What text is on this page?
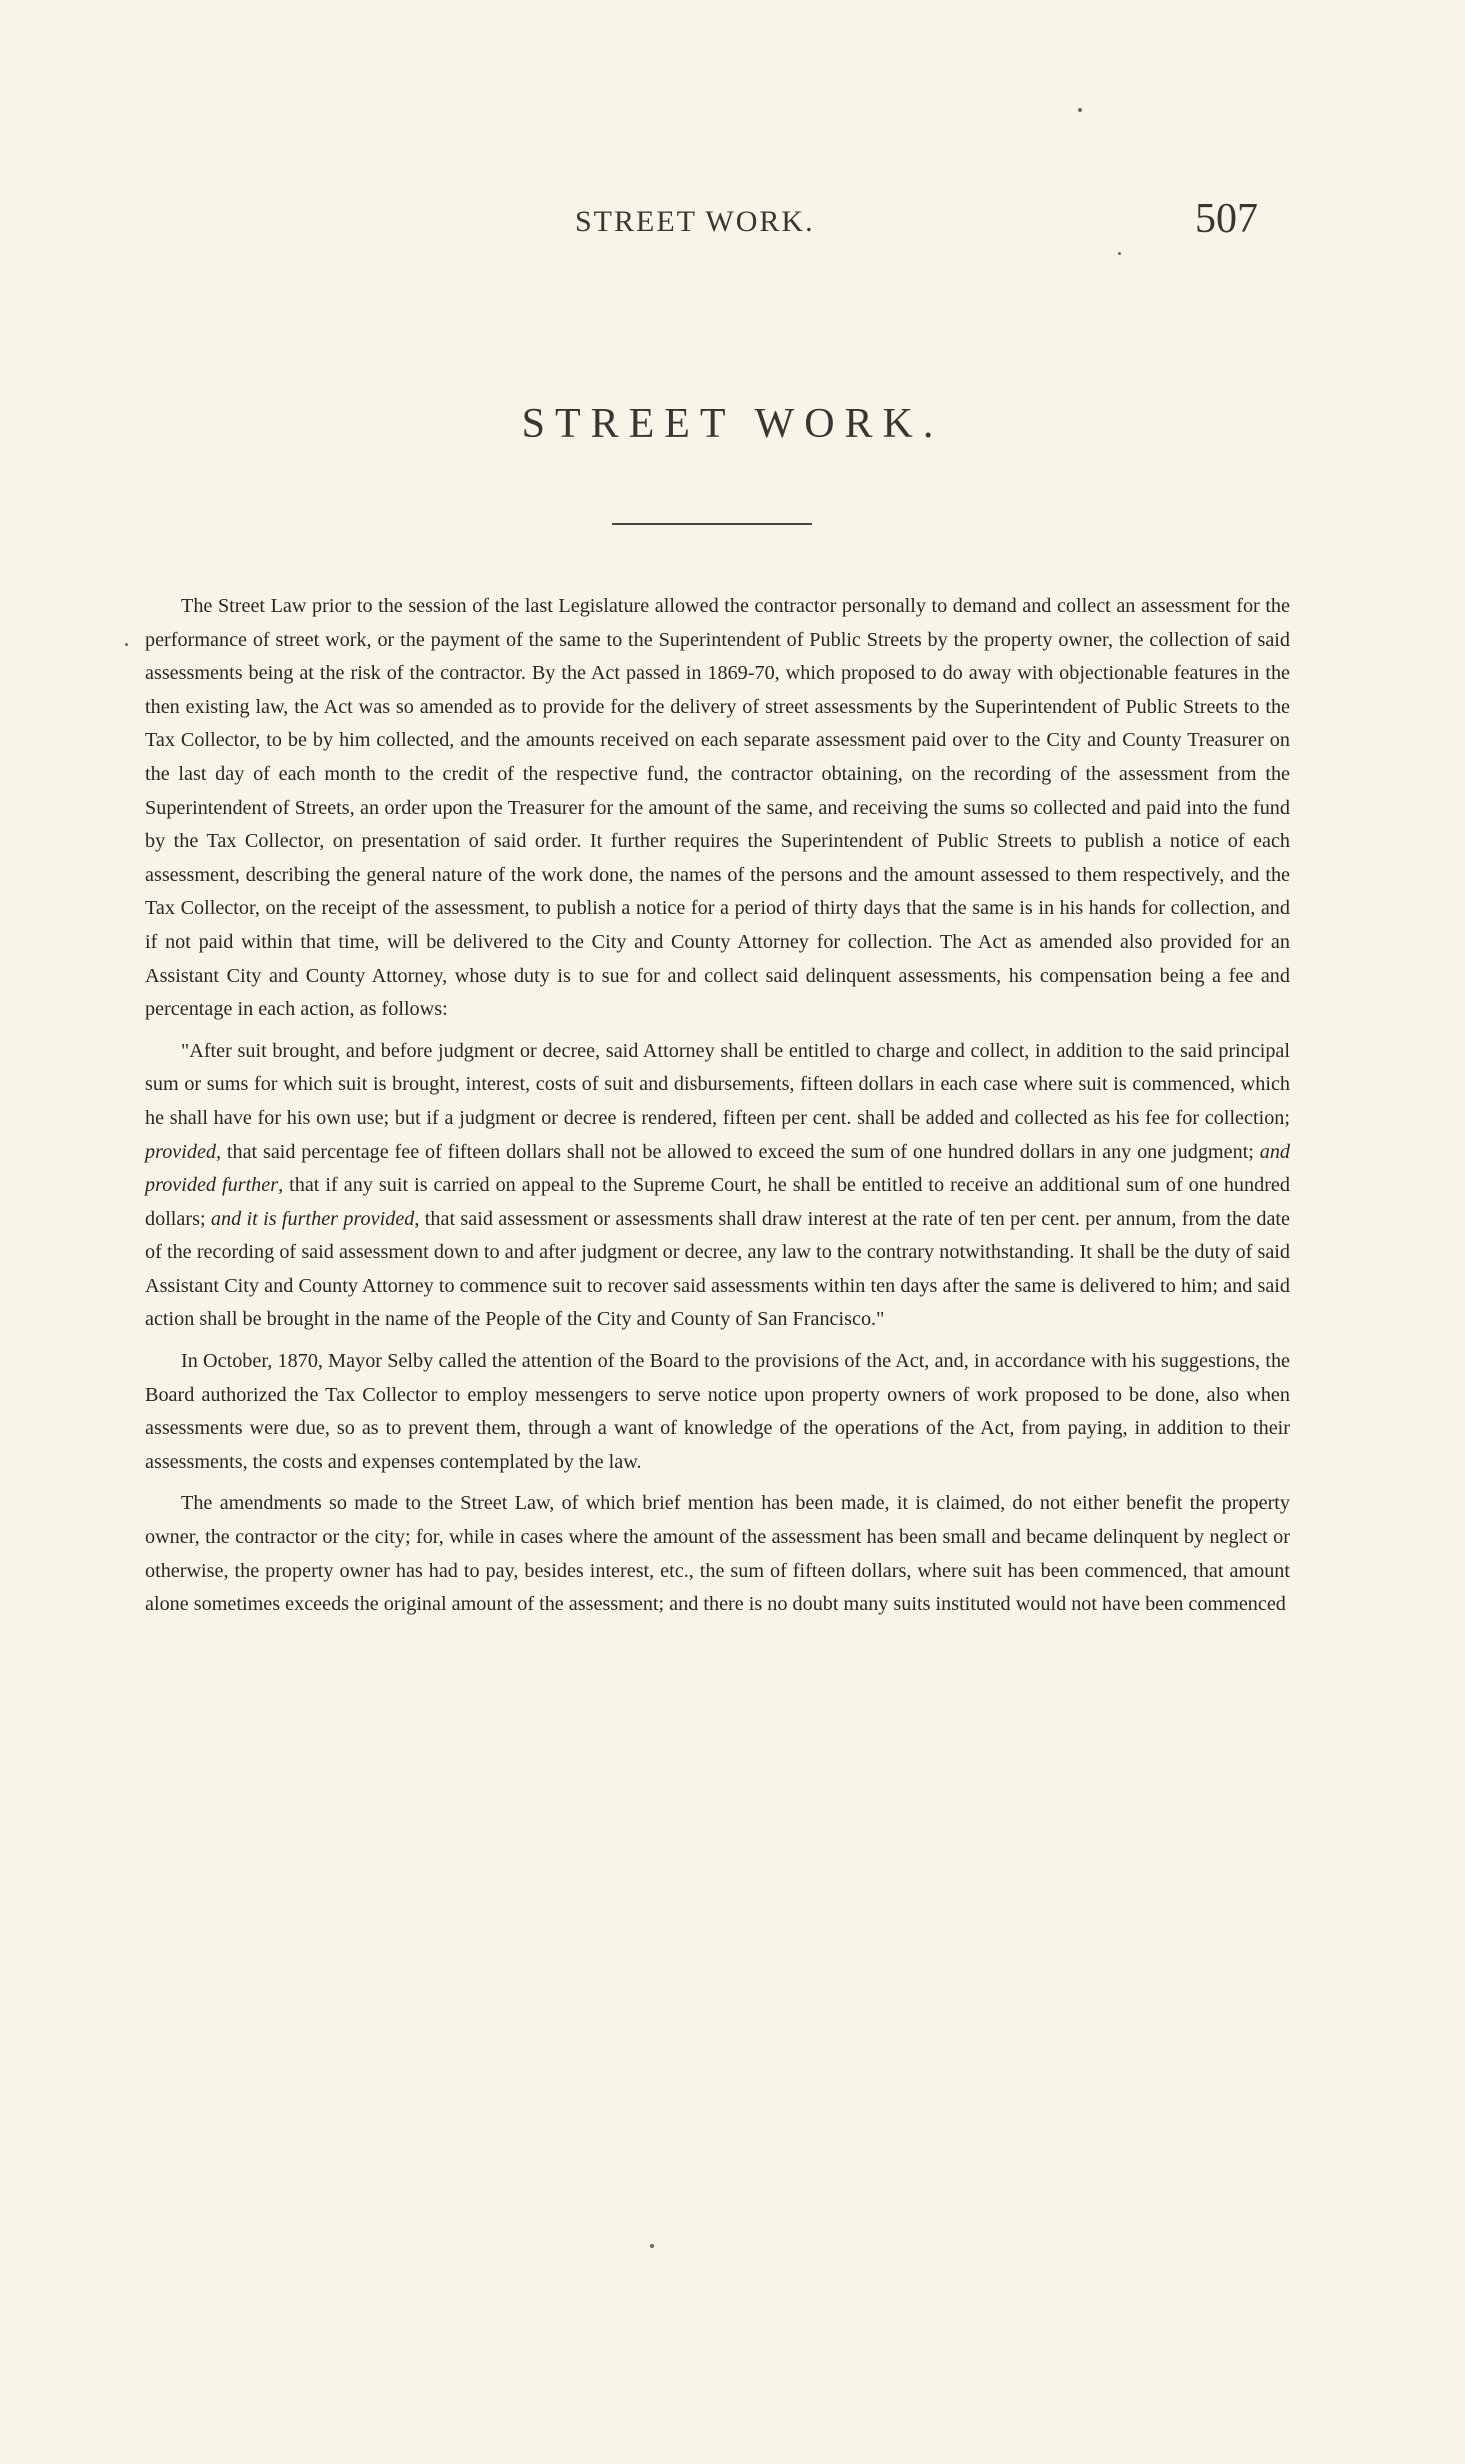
STREET WORK.	507
STREET WORK.

The Street Law prior to the session of the last Legislature allowed the contractor personally to demand and collect an assessment for the performance of street work, or the payment of the same to the Superintendent of Public Streets by the property owner, the collection of said assessments being at the risk of the contractor. By the Act passed in 1869-70, which proposed to do away with objectionable features in the then existing law, the Act was so amended as to provide for the delivery of street assessments by the Superintendent of Public Streets to the Tax Collector, to be by him collected, and the amounts received on each separate assessment paid over to the City and County Treasurer on the last day of each month to the credit of the respective fund, the contractor obtaining, on the recording of the assessment from the Superintendent of Streets, an order upon the Treasurer for the amount of the same, and receiving the sums so collected and paid into the fund by the Tax Collector, on presentation of said order. It further requires the Superintendent of Public Streets to publish a notice of each assessment, describing the general nature of the work done, the names of the persons and the amount assessed to them respectively, and the Tax Collector, on the receipt of the assessment, to publish a notice for a period of thirty days that the same is in his hands for collection, and if not paid within that time, will be delivered to the City and County Attorney for collection. The Act as amended also provided for an Assistant City and County Attorney, whose duty is to sue for and collect said delinquent assessments, his compensation being a fee and percentage in each action, as follows:

"After suit brought, and before judgment or decree, said Attorney shall be entitled to charge and collect, in addition to the said principal sum or sums for which suit is brought, interest, costs of suit and disbursements, fifteen dollars in each case where suit is commenced, which he shall have for his own use; but if a judgment or decree is rendered, fifteen per cent. shall be added and collected as his fee for collection; provided, that said percentage fee of fifteen dollars shall not be allowed to exceed the sum of one hundred dollars in any one judgment; and provided further, that if any suit is carried on appeal to the Supreme Court, he shall be entitled to receive an additional sum of one hundred dollars; and it is further provided, that said assessment or assessments shall draw interest at the rate of ten per cent. per annum, from the date of the recording of said assessment down to and after judgment or decree, any law to the contrary notwithstanding. It shall be the duty of said Assistant City and County Attorney to commence suit to recover said assessments within ten days after the same is delivered to him; and said action shall be brought in the name of the People of the City and County of San Francisco."

In October, 1870, Mayor Selby called the attention of the Board to the provisions of the Act, and, in accordance with his suggestions, the Board authorized the Tax Collector to employ messengers to serve notice upon property owners of work proposed to be done, also when assessments were due, so as to prevent them, through a want of knowledge of the operations of the Act, from paying, in addition to their assessments, the costs and expenses contemplated by the law.

The amendments so made to the Street Law, of which brief mention has been made, it is claimed, do not either benefit the property owner, the contractor or the city; for, while in cases where the amount of the assessment has been small and became delinquent by neglect or otherwise, the property owner has had to pay, besides interest, etc., the sum of fifteen dollars, where suit has been commenced, that amount alone sometimes exceeds the original amount of the assessment; and there is no doubt many suits instituted would not have been commenced
